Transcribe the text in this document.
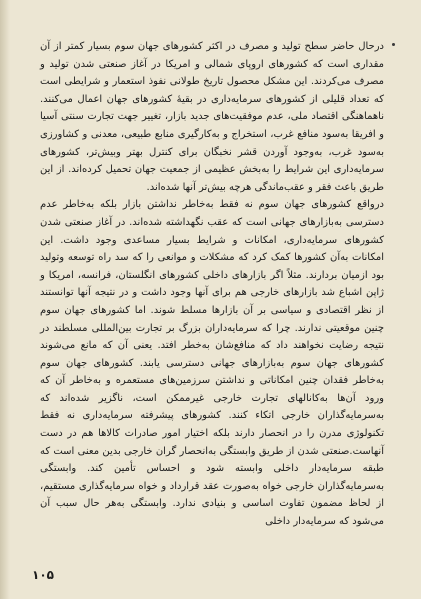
درحال حاضر سطح تولید و مصرف در اکثر کشورهای جهان سوم بسیار کمتر از آن مقداری است که کشورهای اروپای شمالی و امریکا در آغاز صنعتی شدن تولید و مصرف می‌کردند. این مشکل محصول تاریخ طولانی نفوذ استعمار و شرایطی است که تعداد قلیلی از کشورهای سرمایه‌داری در بقیهٔ کشورهای جهان اعمال می‌کنند. ناهماهنگی اقتصاد ملی، عدم موفقیت‌های جدید بازار، تغییر جهت تجارت سنتی آسیا و افریقا به‌سود منافع غرب، استخراج و به‌کارگیری منابع طبیعی، معدنی و کشاورزی به‌سود غرب، به‌وجود آوردن قشر نخبگان برای کنترل بهتر وبیش‌تر، کشورهای سرمایه‌داری این شرایط را به‌بخش عظیمی از جمعیت جهان تحمیل کرده‌اند. از این طریق باعث فقر و عقب‌ماندگی هرچه بیش‌تر آنها شده‌اند.

درواقع کشورهای جهان سوم نه فقط به‌خاطر نداشتن بازار بلکه به‌خاطر عدم دسترسی به‌بازارهای جهانی است که عقب نگهداشته شده‌اند. در آغاز صنعتی شدن کشورهای سرمایه‌داری، امکانات و شرایط بسیار مساعدی وجود داشت. این امکانات به‌آن کشورها کمک کرد که مشکلات و موانعی را که سد راه توسعه وتولید بود ازمیان بردارند. مثلاً اگر بازارهای داخلی کشورهای انگلستان، فرانسه، امریکا و ژاپن اشباع شد بازارهای خارجی هم برای آنها وجود داشت و در نتیجه آنها توانستند از نظر اقتصادی و سیاسی بر آن بازارها مسلط شوند. اما کشورهای جهان سوم چنین موقعیتی ندارند. چرا که سرمایه‌داران بزرگ بر تجارت بین‌المللی مسلطند در نتیجه رضایت نخواهند داد که منافع‌شان به‌خطر افتد. یعنی آن که مانع می‌شوند کشورهای جهان سوم به‌بازارهای جهانی دسترسی یابند. کشورهای جهان سوم به‌خاطر فقدان چنین امکاناتی و نداشتن سرزمین‌های مستعمره و به‌خاطر آن که ورود آن‌ها به‌کانالهای تجارت خارجی غیرممکن است، ناگزیر شده‌اند که به‌سرمایه‌گذاران خارجی اتکاء کنند. کشورهای پیشرفته سرمایه‌داری نه فقط تکنولوژی مدرن را در انحصار دارند بلکه اختیار امور صادرات کالاها هم در دست آنهاست.صنعتی شدن از طریق وابستگی به‌انحصار گران خارجی بدین معنی است که طبقه سرمایه‌دار داخلی وابسته شود و احساس تأمین کند. وابستگی به‌سرمایه‌گذاران خارجی خواه به‌صورت عقد قرارداد و خواه سرمایه‌گذاری مستقیم، از لحاظ مضمون تفاوت اساسی و بنیادی ندارد. وابستگی به‌هر حال سبب آن می‌شود که سرمایه‌دار داخلی

۱۰۵
